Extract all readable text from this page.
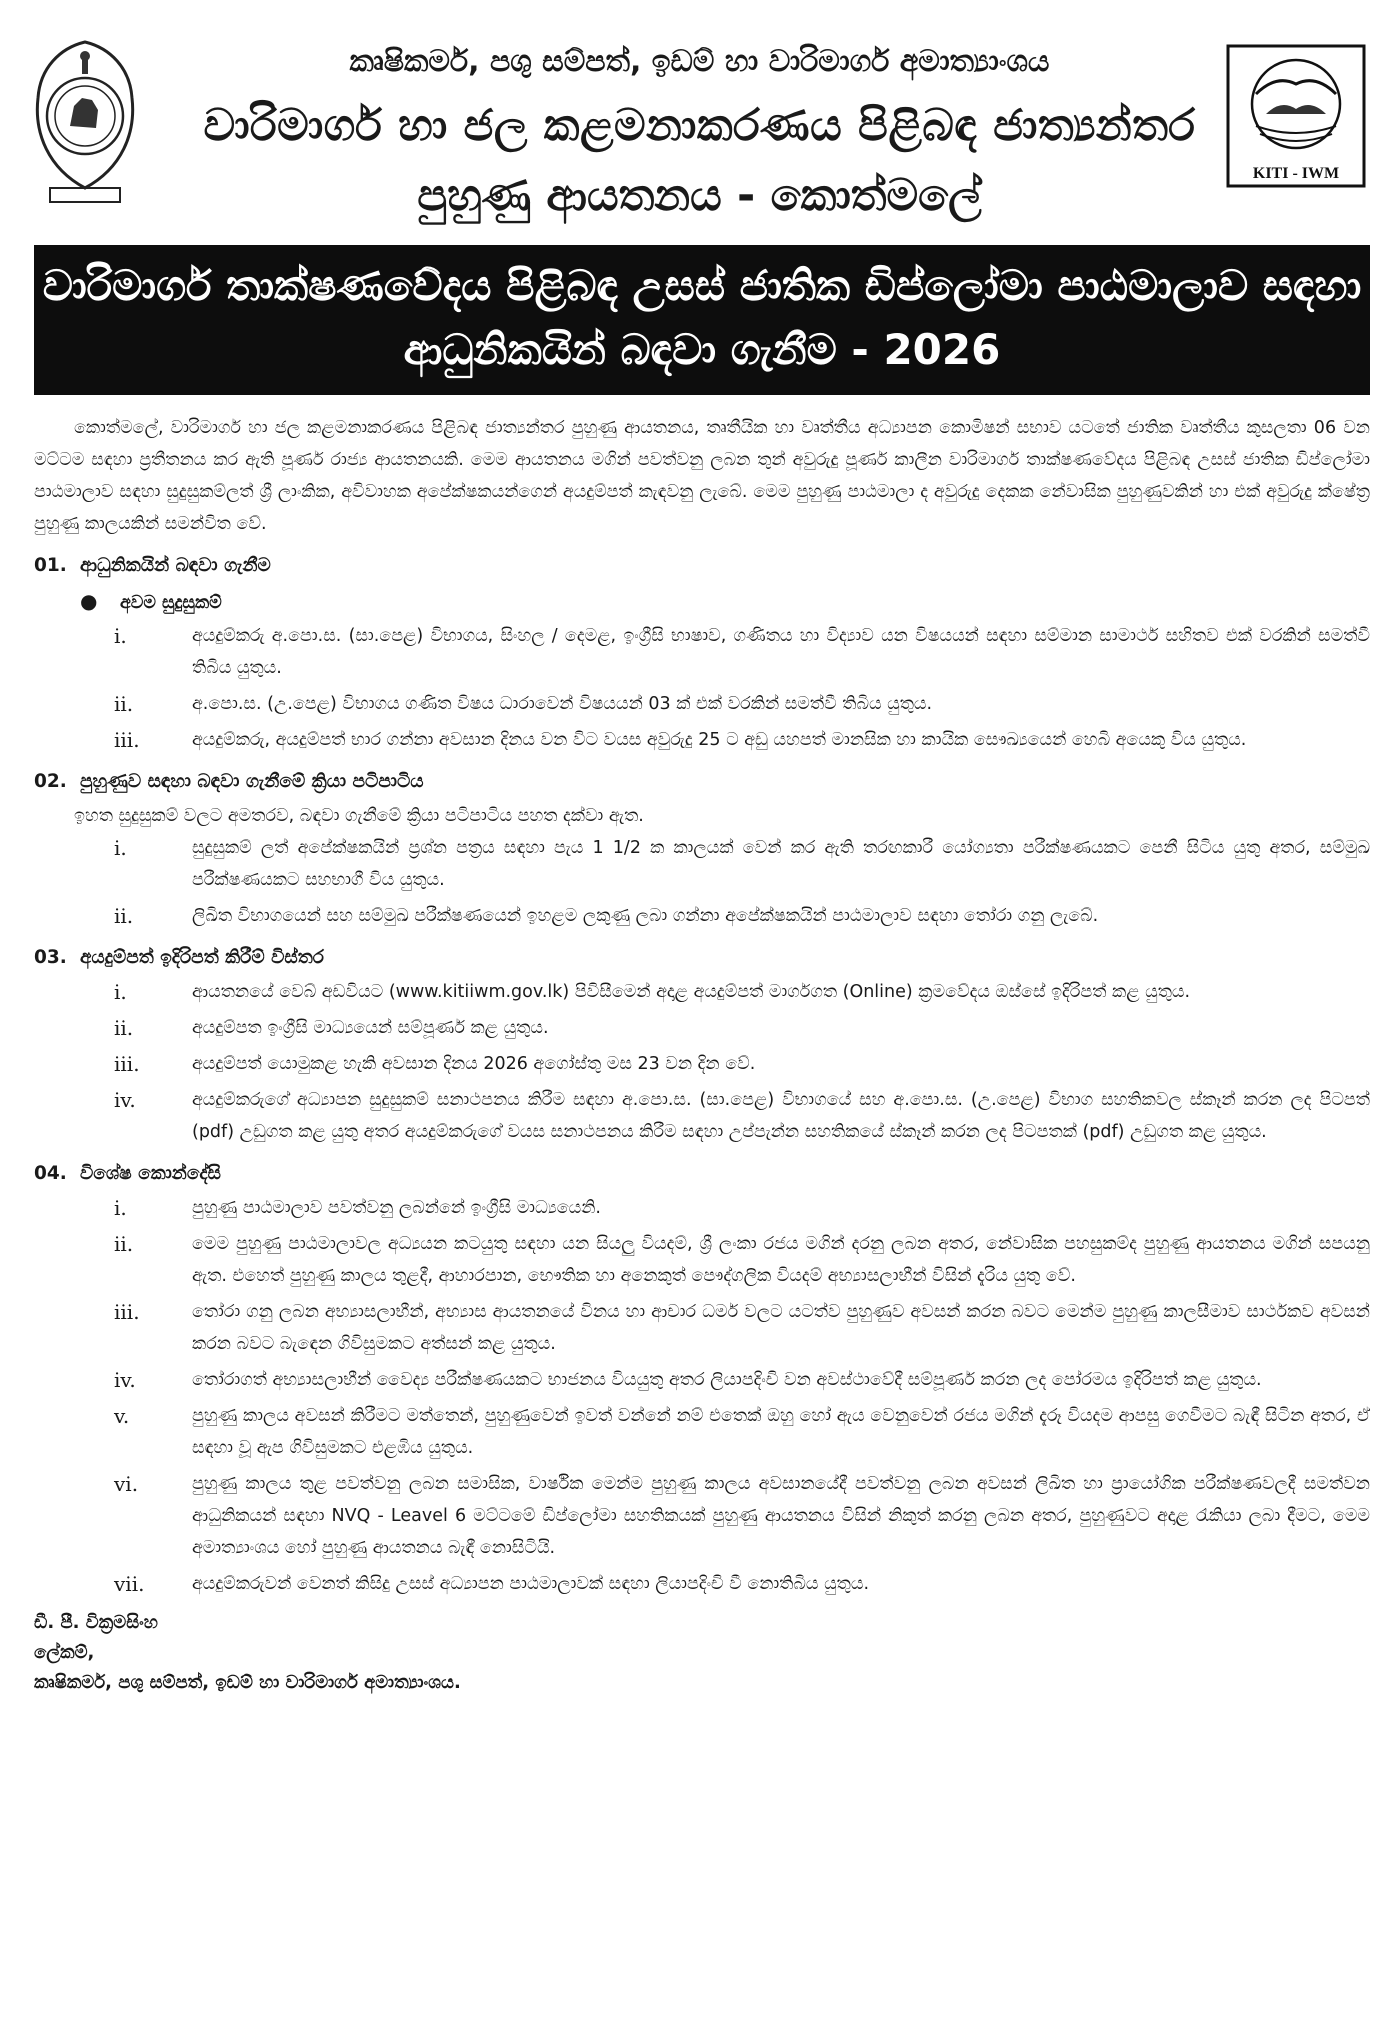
KITI - IWM
කෘෂිකර්ම, පශු සම්පත්, ඉඩම් හා වාරිමාර්ග අමාත්‍යාංශය
වාරිමාර්ග හා ජල කළමනාකරණය පිළිබඳ ජාත්‍යන්තර
පුහුණු ආයතනය - කොත්මලේ
වාරිමාර්ග තාක්ෂණවේදය පිළිබඳ උසස් ජාතික ඩිප්ලෝමා පාඨමාලාව සඳහා
ආධුනිකයින් බඳවා ගැනීම - 2026

කොත්මලේ, වාරිමාර්ග හා ජල කළමනාකරණය පිළිබඳ ජාත්‍යන්තර පුහුණු ආයතනය, තෘතීයික හා වෘත්තීය අධ්‍යාපන කොමිෂන් සභාව යටතේ ජාතික වෘත්තීය කුසලතා 06 වන මට්ටම සඳහා ප්‍රතීතනය කර ඇති පූර්ණ රාජ්‍ය ආයතනයකි. මෙම ආයතනය මගින් පවත්වනු ලබන තුන් අවුරුදු පූර්ණ කාලීන වාරිමාර්ග තාක්ෂණවේදය පිළිබඳ උසස් ජාතික ඩිප්ලෝමා පාඨමාලාව සඳහා සුදුසුකම්ලත් ශ්‍රී ලාංකික, අවිවාහක අපේක්ෂකයන්ගෙන් අයදුම්පත් කැඳවනු ලැබේ. මෙම පුහුණු පාඨමාලා ද අවුරුදු දෙකක නේවාසික පුහුණුවකින් හා එක් අවුරුදු ක්ෂේත්‍ර පුහුණු කාලයකින් සමන්විත වේ.

01. ආධුනිකයින් බඳවා ගැනීම
● අවම සුදුසුකම්
i.	අයදුම්කරු අ.පො.ස. (සා.පෙළ) විභාගය, සිංහල / දෙමළ, ඉංග්‍රීසි භාෂාව, ගණිතය හා විද්‍යාව යන විෂයයන් සඳහා සම්මාන සාමාර්ථ සහිතව එක් වරකින් සමත්වී තිබිය යුතුය.
ii.	අ.පො.ස. (උ.පෙළ) විභාගය ගණිත විෂය ධාරාවෙන් විෂයයන් 03 ක් එක් වරකින් සමත්වී තිබිය යුතුය.
iii.	අයදුම්කරු, අයදුම්පත් භාර ගන්නා අවසාන දිනය වන විට වයස අවුරුදු 25 ට අඩු යහපත් මානසික හා කායික සෞඛ්‍යයෙන් හෙබි අයෙකු විය යුතුය.
02. පුහුණුව සඳහා බඳවා ගැනීමේ ක්‍රියා පටිපාටිය
ඉහත සුදුසුකම් වලට අමතරව, බඳවා ගැනීමේ ක්‍රියා පටිපාටිය පහත දක්වා ඇත.
i.	සුදුසුකම් ලත් අපේක්ෂකයින් ප්‍රශ්න පත්‍රය සඳහා පැය 1 1/2 ක කාලයක් වෙන් කර ඇති තරඟකාරී යෝග්‍යතා පරීක්ෂණයකට පෙනී සිටිය යුතු අතර, සම්මුඛ පරීක්ෂණයකට සහභාගී විය යුතුය.
ii.	ලිඛිත විභාගයෙන් සහ සම්මුඛ පරීක්ෂණයෙන් ඉහළම ලකුණු ලබා ගන්නා අපේක්ෂකයින් පාඨමාලාව සඳහා තෝරා ගනු ලැබේ.
03. අයදුම්පත් ඉදිරිපත් කිරීම් විස්තර
i.	ආයතනයේ වෙබ් අඩවියට (www.kitiiwm.gov.lk) පිවිසීමෙන් අදාළ අයදුම්පත් මාර්ගගත (Online) ක්‍රමවේදය ඔස්සේ ඉදිරිපත් කළ යුතුය.
ii.	අයදුම්පත ඉංග්‍රීසි මාධ්‍යයෙන් සම්පූර්ණ කළ යුතුය.
iii.	අයදුම්පත් යොමුකළ හැකි අවසාන දිනය 2026 අගෝස්තු මස 23 වන දින වේ.
iv.	අයදුම්කරුගේ අධ්‍යාපන සුදුසුකම් සනාථපනය කිරීම සඳහා අ.පො.ස. (සා.පෙළ) විභාගයේ සහ අ.පො.ස. (උ.පෙළ) විභාග සහතිකවල ස්කෑන් කරන ලද පිටපත් (pdf) උඩුගත කළ යුතු අතර අයදුම්කරුගේ වයස සනාථපනය කිරීම සඳහා උප්පැන්න සහතිකයේ ස්කෑන් කරන ලද පිටපතක් (pdf) උඩුගත කළ යුතුය.
04. විශේෂ කොන්දේසි
i.	පුහුණු පාඨමාලාව පවත්වනු ලබන්නේ ඉංග්‍රීසි මාධ්‍යයෙනි.
ii.	මෙම පුහුණු පාඨමාලාවල අධ්‍යයන කටයුතු සඳහා යන සියලු වියදම්, ශ්‍රී ලංකා රජය මගින් දරනු ලබන අතර, නේවාසික පහසුකම්ද පුහුණු ආයතනය මගින් සපයනු ඇත. එහෙත් පුහුණු කාලය තුළදී, ආහාරපාන, භෞතික හා අනෙකුත් පෞද්ගලික වියදම් අභ්‍යාසලාභීන් විසින් දැරිය යුතු වේ.
iii.	තෝරා ගනු ලබන අභ්‍යාසලාභීන්, අභ්‍යාස ආයතනයේ විනය හා ආචාර ධර්ම වලට යටත්ව පුහුණුව අවසන් කරන බවට මෙන්ම පුහුණු කාලසීමාව සාර්ථකව අවසන් කරන බවට බැඳෙන ගිවිසුමකට අත්සන් කළ යුතුය.
iv.	තෝරාගත් අභ්‍යාසලාභීන් වෛද්‍ය පරීක්ෂණයකට භාජනය වියයුතු අතර ලියාපදිංචි වන අවස්ථාවේදී සම්පූර්ණ කරන ලද පෝරමය ඉදිරිපත් කළ යුතුය.
v.	පුහුණු කාලය අවසන් කිරීමට මත්තෙන්, පුහුණුවෙන් ඉවත් වන්නේ නම් එතෙක් ඔහු හෝ ඇය වෙනුවෙන් රජය මගින් දැරූ වියදම ආපසු ගෙවීමට බැඳී සිටින අතර, ඒ සඳහා වූ ඇප ගිවිසුමකට එළඹිය යුතුය.
vi.	පුහුණු කාලය තුළ පවත්වනු ලබන සමාසික, වාර්ෂික මෙන්ම පුහුණු කාලය අවසානයේදී පවත්වනු ලබන අවසන් ලිඛිත හා ප්‍රායෝගික පරීක්ෂණවලදී සමත්වන ආධුනිකයන් සඳහා NVQ - Leavel 6 මට්ටමේ ඩිප්ලෝමා සහතිකයක් පුහුණු ආයතනය විසින් නිකුත් කරනු ලබන අතර, පුහුණුවට අදාළ රැකියා ලබා දීමට, මෙම අමාත්‍යාංශය හෝ පුහුණු ආයතනය බැඳී නොසිටියි.
vii.	අයදුම්කරුවන් වෙනත් කිසිදු උසස් අධ්‍යාපන පාඨමාලාවක් සඳහා ලියාපදිංචි වී නොතිබිය යුතුය.
ඩී. පී. වික්‍රමසිංහ
ලේකම්,
කෘෂිකර්ම, පශු සම්පත්, ඉඩම් හා වාරිමාර්ග අමාත්‍යාංශය.
